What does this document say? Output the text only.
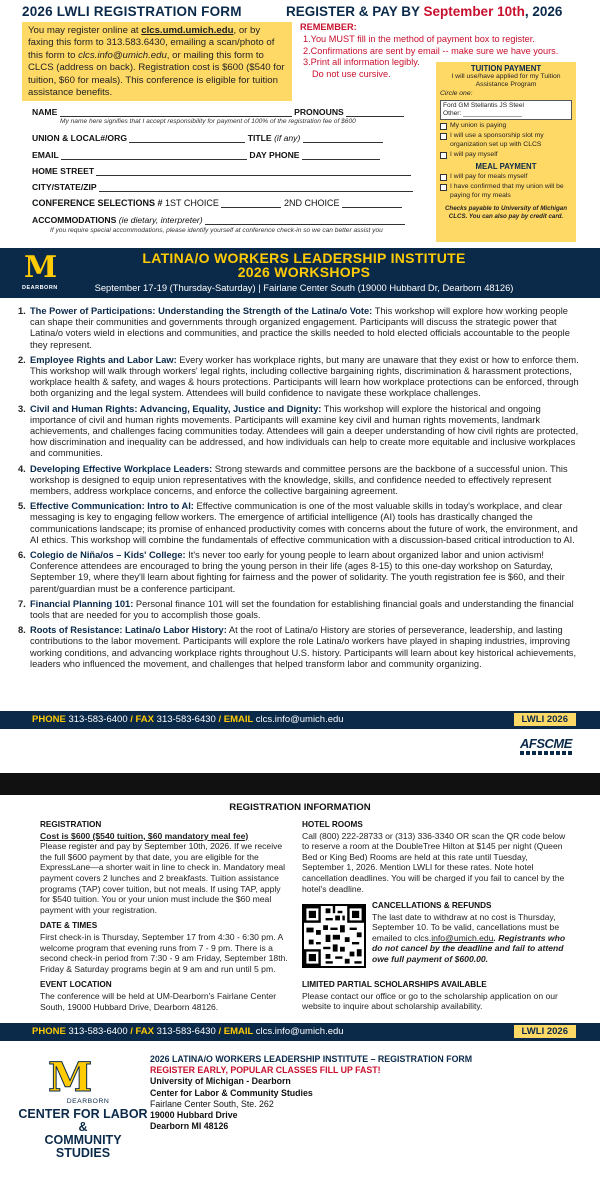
2026 LWLI REGISTRATION FORM	REGISTER & PAY BY September 10th, 2026
You may register online at clcs.umd.umich.edu, or by faxing this form to 313.583.6430, emailing a scan/photo of this form to clcs.info@umich.edu, or mailing this form to CLCS (address on back). Registration cost is $600 ($540 for tuition, $60 for meals). This conference is eligible for tuition assistance benefits.
REMEMBER:
1.You MUST fill in the method of payment box to register.
2.Confirmations are sent by email -- make sure we have yours.
3.Print all information legibly.
Do not use cursive.
NAME	PRONOUNS
My name here signifies that I accept responsibility for payment of 100% of the registration fee of $600
UNION & LOCAL#/ORG	TITLE (if any)
EMAIL	DAY PHONE
HOME STREET
CITY/STATE/ZIP
CONFERENCE SELECTIONS # 1ST CHOICE	2ND CHOICE
ACCOMMODATIONS (ie dietary, interpreter)
If you require special accommodations, please identify yourself at conference check-in so we can better assist you
TUITION PAYMENT
I will use/have applied for my Tuition Assistance Program
Circle one:
Ford GM Stellantis JS Steel
Other: ________________
My union is paying
I will use a sponsorship slot my organization set up with CLCS
I will pay myself
MEAL PAYMENT
I will pay for meals myself
I have confirmed that my union will be paying for my meals
Checks payable to University of Michigan CLCS. You can also pay by credit card.
M
DEARBORN
LATINA/O WORKERS LEADERSHIP INSTITUTE
2026 WORKSHOPS
September 17-19 (Thursday-Saturday) | Fairlane Center South (19000 Hubbard Dr, Dearborn 48126)
1. The Power of Participations: Understanding the Strength of the Latina/o Vote: This workshop will explore how working people can shape their communities and governments through organized engagement. Participants will discuss the strategic power that Latina/o voters wield in elections and communities, and practice the skills needed to hold elected officials accountable to the people they represent.
2. Employee Rights and Labor Law: Every worker has workplace rights, but many are unaware that they exist or how to enforce them. This workshop will walk through workers' legal rights, including collective bargaining rights, discrimination & harassment protections, workplace health & safety, and wages & hours protections. Participants will learn how workplace protections can be enforced, through both organizing and the legal system. Attendees will build confidence to navigate these workplace challenges.
3. Civil and Human Rights: Advancing, Equality, Justice and Dignity: This workshop will explore the historical and ongoing importance of civil and human rights movements. Participants will examine key civil and human rights movements, landmark achievements, and challenges facing communities today. Attendees will gain a deeper understanding of how civil rights are protected, how discrimination and inequality can be addressed, and how individuals can help to create more equitable and inclusive workplaces and communities.
4. Developing Effective Workplace Leaders: Strong stewards and committee persons are the backbone of a successful union. This workshop is designed to equip union representatives with the knowledge, skills, and confidence needed to effectively represent members, address workplace concerns, and enforce the collective bargaining agreement.
5. Effective Communication: Intro to AI: Effective communication is one of the most valuable skills in today's workplace, and clear messaging is key to engaging fellow workers. The emergence of artificial intelligence (AI) tools has drastically changed the communications landscape; its promise of enhanced productivity comes with concerns about the future of work, the environment, and AI ethics. This workshop will combine the fundamentals of effective communication with a discussion-based critical introduction to AI.
6. Colegio de Niña/os – Kids' College: It's never too early for young people to learn about organized labor and union activism! Conference attendees are encouraged to bring the young person in their life (ages 8-15) to this one-day workshop on Saturday, September 19, where they'll learn about fighting for fairness and the power of solidarity. The youth registration fee is $60, and their parent/guardian must be a conference participant.
7. Financial Planning 101: Personal finance 101 will set the foundation for establishing financial goals and understanding the financial tools that are needed for you to accomplish those goals.
8. Roots of Resistance: Latina/o Labor History: At the root of Latina/o History are stories of perseverance, leadership, and lasting contributions to the labor movement. Participants will explore the role Latina/o workers have played in shaping industries, improving working conditions, and advancing workplace rights throughout U.S. history. Participants will learn about key historical achievements, leaders who influenced the movement, and challenges that helped transform labor and community organizing.
PHONE 313-583-6400 / FAX 313-583-6430 / EMAIL clcs.info@umich.edu	LWLI 2026
AFSCME
REGISTRATION INFORMATION
REGISTRATION
Cost is $600 ($540 tuition, $60 mandatory meal fee)
Please register and pay by September 10th, 2026. If we receive the full $600 payment by that date, you are eligible for the ExpressLane—a shorter wait in line to check in. Mandatory meal payment covers 2 lunches and 2 breakfasts. Tuition assistance programs (TAP) cover tuition, but not meals. If using TAP, apply for $540 tuition. You or your union must include the $60 meal payment with your registration.
DATE & TIMES
First check-in is Thursday, September 17 from 4:30 - 6:30 pm. A welcome program that evening runs from 7 - 9 pm. There is a second check-in period from 7:30 - 9 am Friday, September 18th. Friday & Saturday programs begin at 9 am and run until 5 pm.
EVENT LOCATION
The conference will be held at UM-Dearborn's Fairlane Center South, 19000 Hubbard Drive, Dearborn 48126.
HOTEL ROOMS
Call (800) 222-28733 or (313) 336-3340 OR scan the QR code below to reserve a room at the DoubleTree Hilton at $145 per night (Queen Bed or King Bed) Rooms are held at this rate until Tuesday, September 1, 2026. Mention LWLI for these rates. Note hotel cancellation deadlines. You will be charged if you fail to cancel by the hotel's deadline.
CANCELLATIONS & REFUNDS
The last date to withdraw at no cost is Thursday, September 10. To be valid, cancellations must be emailed to clcs.info@umich.edu. Registrants who do not cancel by the deadline and fail to attend owe full payment of $600.00.
LIMITED PARTIAL SCHOLARSHIPS AVAILABLE
Please contact our office or go to the scholarship application on our website to inquire about scholarship availability.
PHONE 313-583-6400 / FAX 313-583-6430 / EMAIL clcs.info@umich.edu	LWLI 2026
M
DEARBORN
CENTER FOR LABOR &
COMMUNITY STUDIES
2026 LATINA/O WORKERS LEADERSHIP INSTITUTE – REGISTRATION FORM
REGISTER EARLY, POPULAR CLASSES FILL UP FAST!
University of Michigan - Dearborn
Center for Labor & Community Studies
Fairlane Center South, Ste. 262
19000 Hubbard Drive
Dearborn MI 48126
